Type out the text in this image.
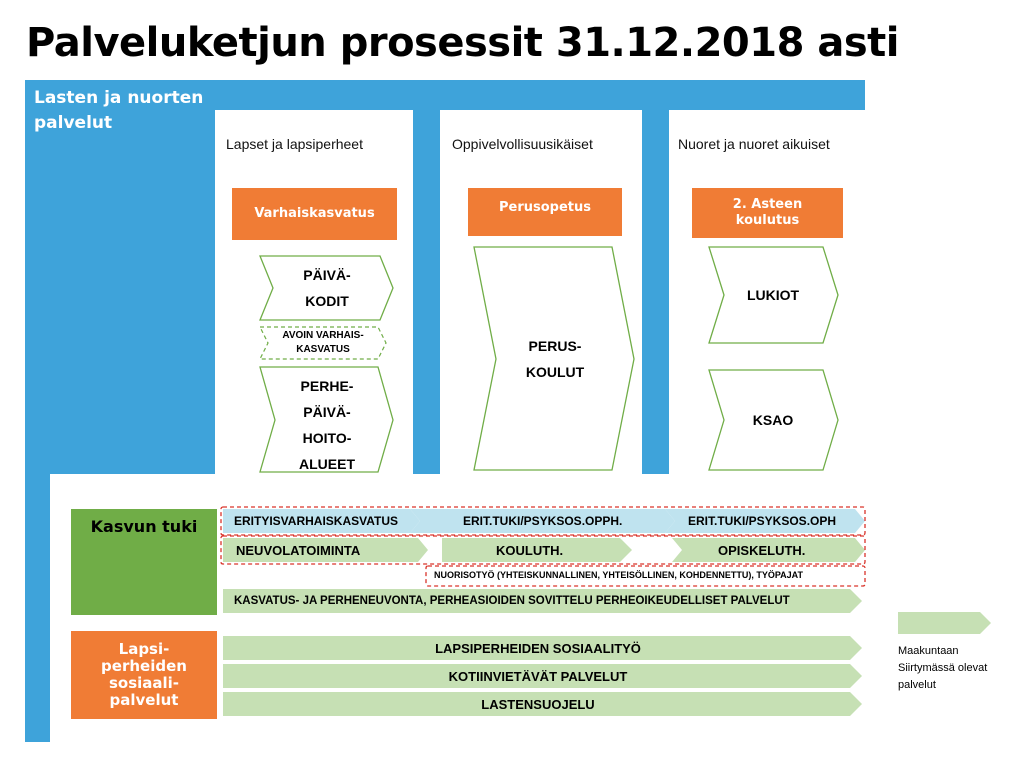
Palveluketjun prosessit 31.12.2018 asti
Lasten ja nuorten
palvelut
Lapset ja lapsiperheet	Oppivelvollisuusikäiset	Nuoret ja nuoret aikuiset
Varhaiskasvatus	Perusopetus	2. Asteen
koulutus
PÄIVÄ-
KODIT
AVOIN VARHAIS-
KASVATUS
PERHE-
PÄIVÄ-
HOITO-
ALUEET
PERUS-
KOULUT
LUKIOT
KSAO
Kasvun tuki	ERITYISVARHAISKASVATUS	ERIT.TUKI/PSYKSOS.OPPH.	ERIT.TUKI/PSYKSOS.OPH
NEUVOLATOIMINTA	KOULUTH.	OPISKELUTH.
NUORISOTYÖ (YHTEISKUNNALLINEN, YHTEISÖLLINEN, KOHDENNETTU), TYÖPAJAT
KASVATUS- JA PERHENEUVONTA, PERHEASIOIDEN SOVITTELU PERHEOIKEUDELLISET PALVELUT
Lapsi-
perheiden
sosiaali-
palvelut
LAPSIPERHEIDEN SOSIAALITYÖ
KOTIINVIETÄVÄT PALVELUT
LASTENSUOJELU
Maakuntaan
Siirtymässä olevat
palvelut
